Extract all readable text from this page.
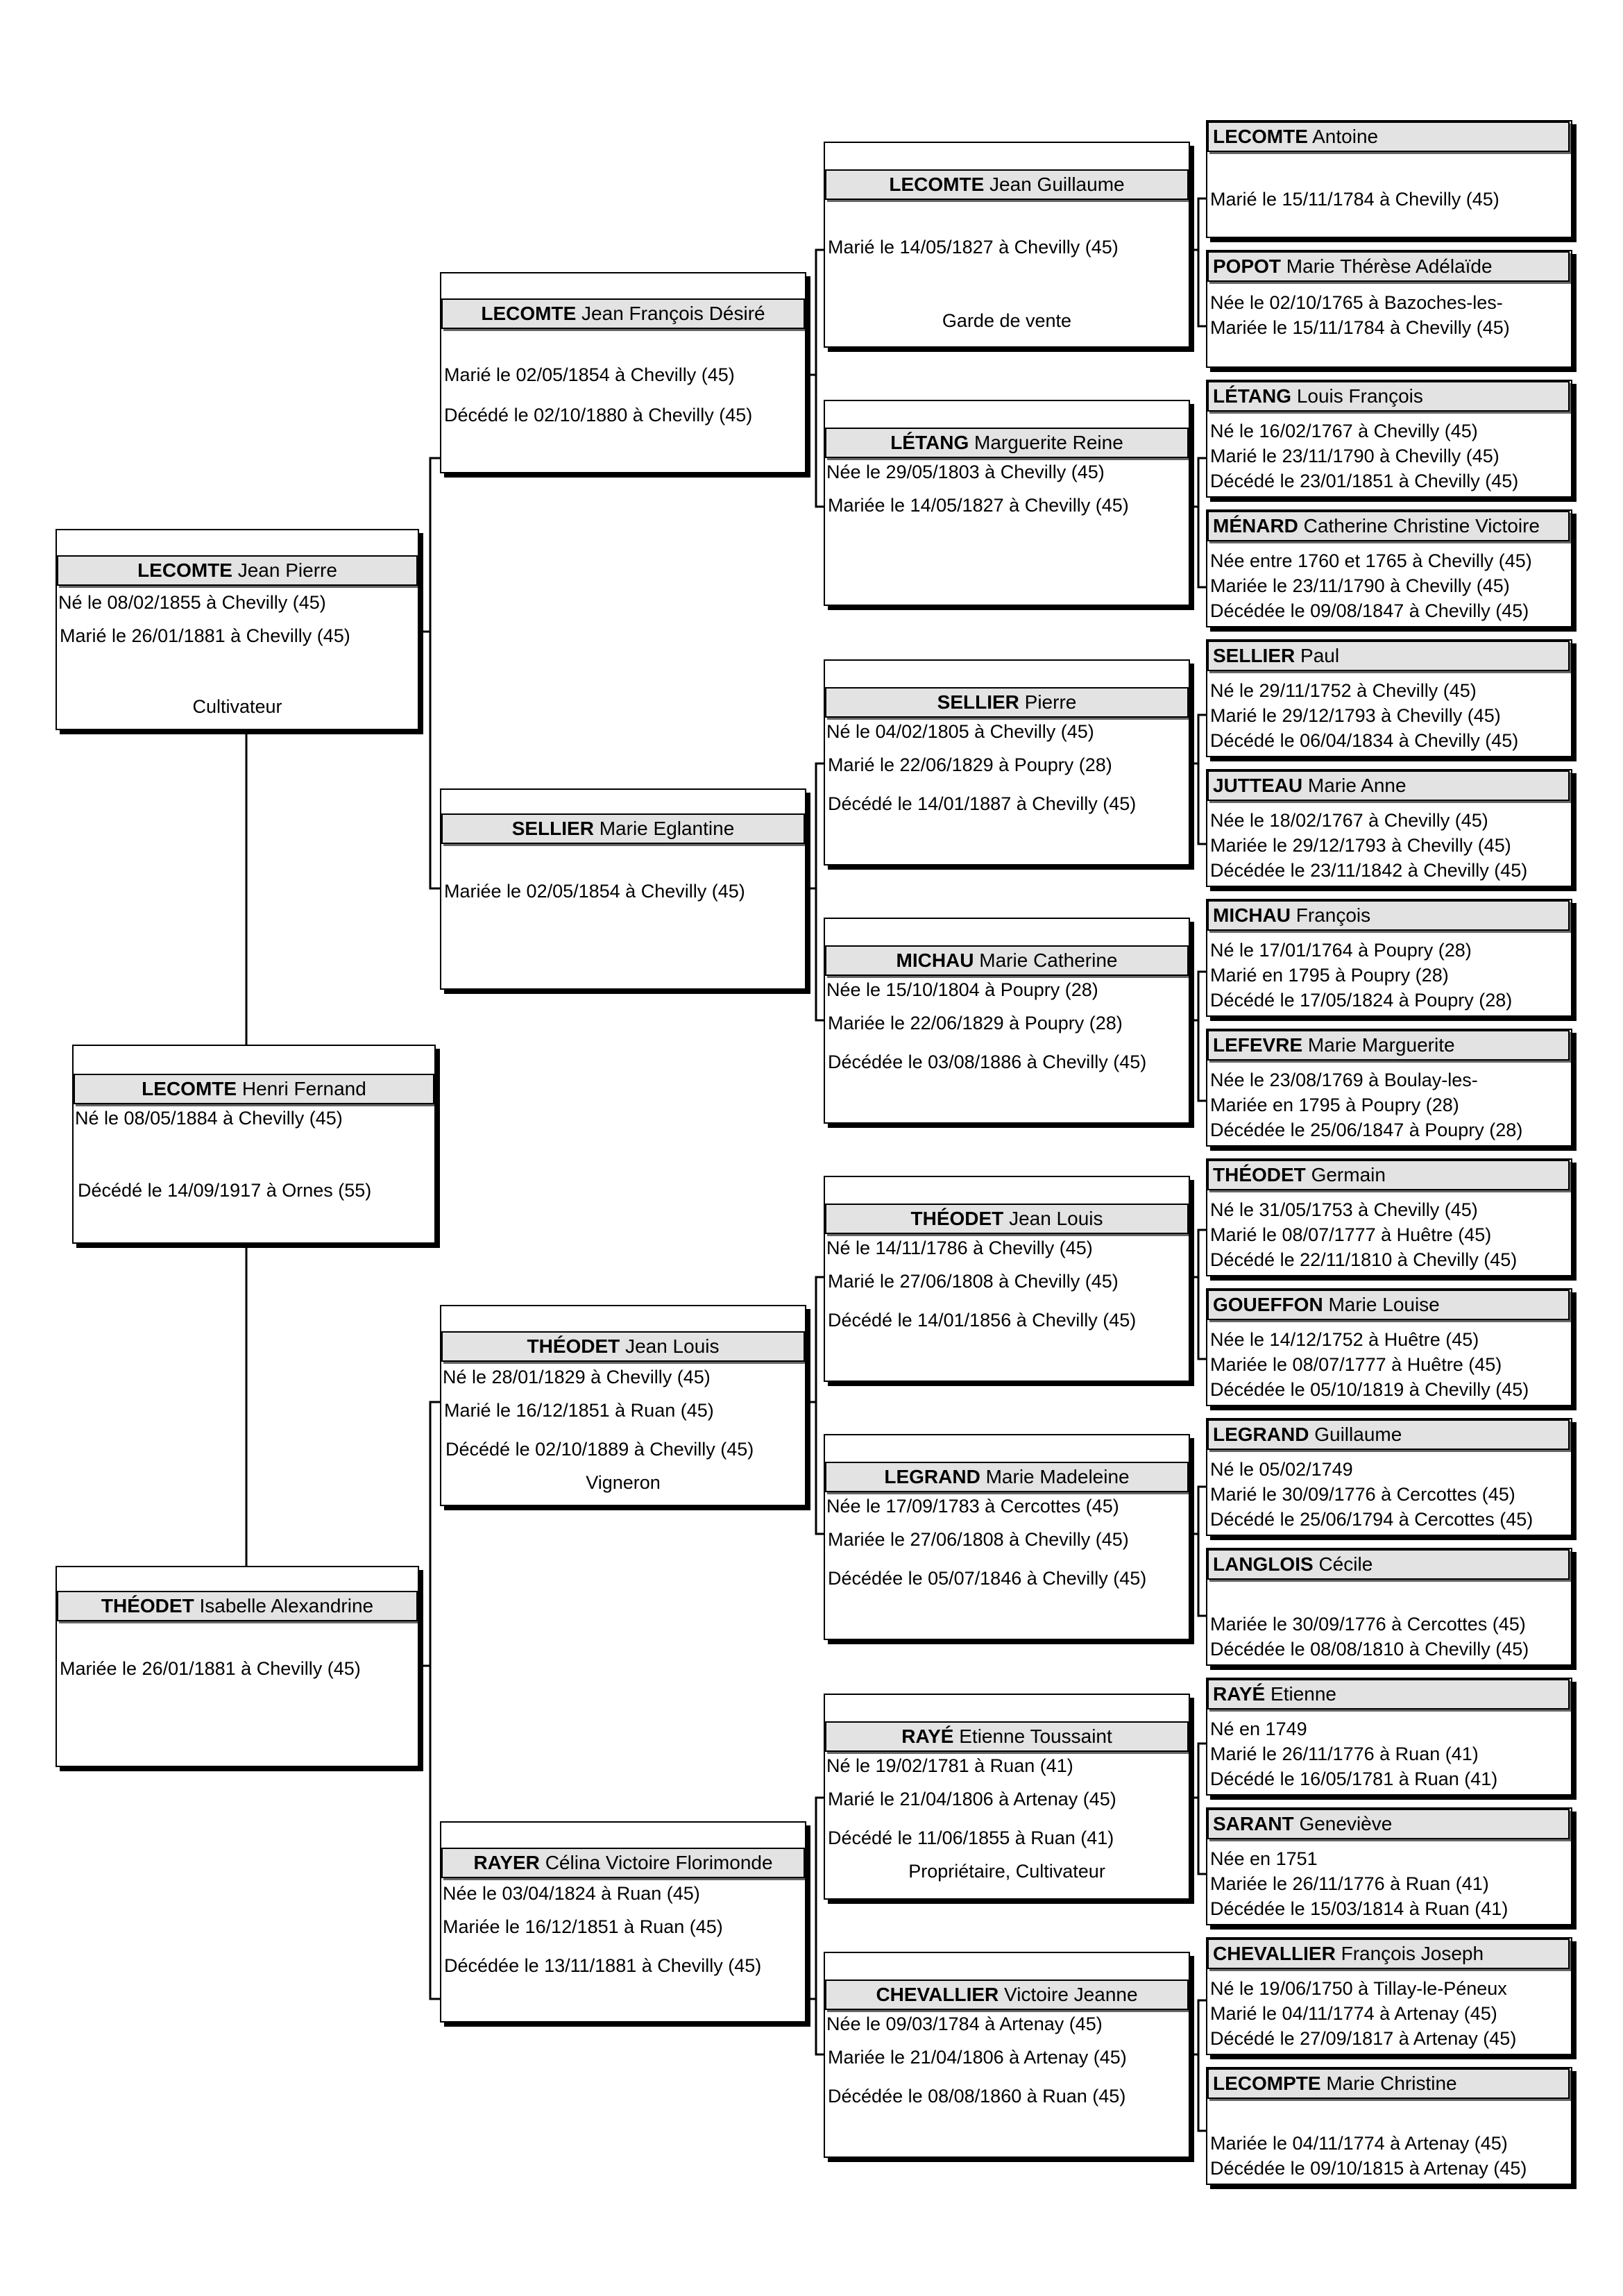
LECOMTE Jean Pierre
Né le 08/02/1855 à Chevilly (45)
Marié le 26/01/1881 à Chevilly (45)
Cultivateur
LECOMTE Henri Fernand
Né le 08/05/1884 à Chevilly (45)
Décédé le 14/09/1917 à Ornes (55)
THÉODET Isabelle Alexandrine
Mariée le 26/01/1881 à Chevilly (45)
LECOMTE Jean François Désiré
Marié le 02/05/1854 à Chevilly (45)
Décédé le 02/10/1880 à Chevilly (45)
SELLIER Marie Eglantine
Mariée le 02/05/1854 à Chevilly (45)
THÉODET Jean Louis
Né le 28/01/1829 à Chevilly (45)
Marié le 16/12/1851 à Ruan (45)
Décédé le 02/10/1889 à Chevilly (45)
Vigneron
RAYER Célina Victoire Florimonde
Née le 03/04/1824 à Ruan (45)
Mariée le 16/12/1851 à Ruan (45)
Décédée le 13/11/1881 à Chevilly (45)
LECOMTE Jean Guillaume
Marié le 14/05/1827 à Chevilly (45)
Garde de vente
LÉTANG Marguerite Reine
Née le 29/05/1803 à Chevilly (45)
Mariée le 14/05/1827 à Chevilly (45)
SELLIER Pierre
Né le 04/02/1805 à Chevilly (45)
Marié le 22/06/1829 à Poupry (28)
Décédé le 14/01/1887 à Chevilly (45)
MICHAU Marie Catherine
Née le 15/10/1804 à Poupry (28)
Mariée le 22/06/1829 à Poupry (28)
Décédée le 03/08/1886 à Chevilly (45)
THÉODET Jean Louis
Né le 14/11/1786 à Chevilly (45)
Marié le 27/06/1808 à Chevilly (45)
Décédé le 14/01/1856 à Chevilly (45)
LEGRAND Marie Madeleine
Née le 17/09/1783 à Cercottes (45)
Mariée le 27/06/1808 à Chevilly (45)
Décédée le 05/07/1846 à Chevilly (45)
RAYÉ Etienne Toussaint
Né le 19/02/1781 à Ruan (41)
Marié le 21/04/1806 à Artenay (45)
Décédé le 11/06/1855 à Ruan (41)
Propriétaire, Cultivateur
CHEVALLIER Victoire Jeanne
Née le 09/03/1784 à Artenay (45)
Mariée le 21/04/1806 à Artenay (45)
Décédée le 08/08/1860 à Ruan (45)
LECOMTE Antoine
Marié le 15/11/1784 à Chevilly (45)
POPOT Marie Thérèse Adélaïde
Née le 02/10/1765 à Bazoches-les-
Mariée le 15/11/1784 à Chevilly (45)
LÉTANG Louis François
Né le 16/02/1767 à Chevilly (45)
Marié le 23/11/1790 à Chevilly (45)
Décédé le 23/01/1851 à Chevilly (45)
MÉNARD Catherine Christine Victoire
Née entre 1760 et 1765 à Chevilly (45)
Mariée le 23/11/1790 à Chevilly (45)
Décédée le 09/08/1847 à Chevilly (45)
SELLIER Paul
Né le 29/11/1752 à Chevilly (45)
Marié le 29/12/1793 à Chevilly (45)
Décédé le 06/04/1834 à Chevilly (45)
JUTTEAU Marie Anne
Née le 18/02/1767 à Chevilly (45)
Mariée le 29/12/1793 à Chevilly (45)
Décédée le 23/11/1842 à Chevilly (45)
MICHAU François
Né le 17/01/1764 à Poupry (28)
Marié en 1795 à Poupry (28)
Décédé le 17/05/1824 à Poupry (28)
LEFEVRE Marie Marguerite
Née le 23/08/1769 à Boulay-les-
Mariée en 1795 à Poupry (28)
Décédée le 25/06/1847 à Poupry (28)
THÉODET Germain
Né le 31/05/1753 à Chevilly (45)
Marié le 08/07/1777 à Huêtre (45)
Décédé le 22/11/1810 à Chevilly (45)
GOUEFFON Marie Louise
Née le 14/12/1752 à Huêtre (45)
Mariée le 08/07/1777 à Huêtre (45)
Décédée le 05/10/1819 à Chevilly (45)
LEGRAND Guillaume
Né le 05/02/1749
Marié le 30/09/1776 à Cercottes (45)
Décédé le 25/06/1794 à Cercottes (45)
LANGLOIS Cécile
Mariée le 30/09/1776 à Cercottes (45)
Décédée le 08/08/1810 à Chevilly (45)
RAYÉ Etienne
Né en 1749
Marié le 26/11/1776 à Ruan (41)
Décédé le 16/05/1781 à Ruan (41)
SARANT Geneviève
Née en 1751
Mariée le 26/11/1776 à Ruan (41)
Décédée le 15/03/1814 à Ruan (41)
CHEVALLIER François Joseph
Né le 19/06/1750 à Tillay-le-Péneux
Marié le 04/11/1774 à Artenay (45)
Décédé le 27/09/1817 à Artenay (45)
LECOMPTE Marie Christine
Mariée le 04/11/1774 à Artenay (45)
Décédée le 09/10/1815 à Artenay (45)
